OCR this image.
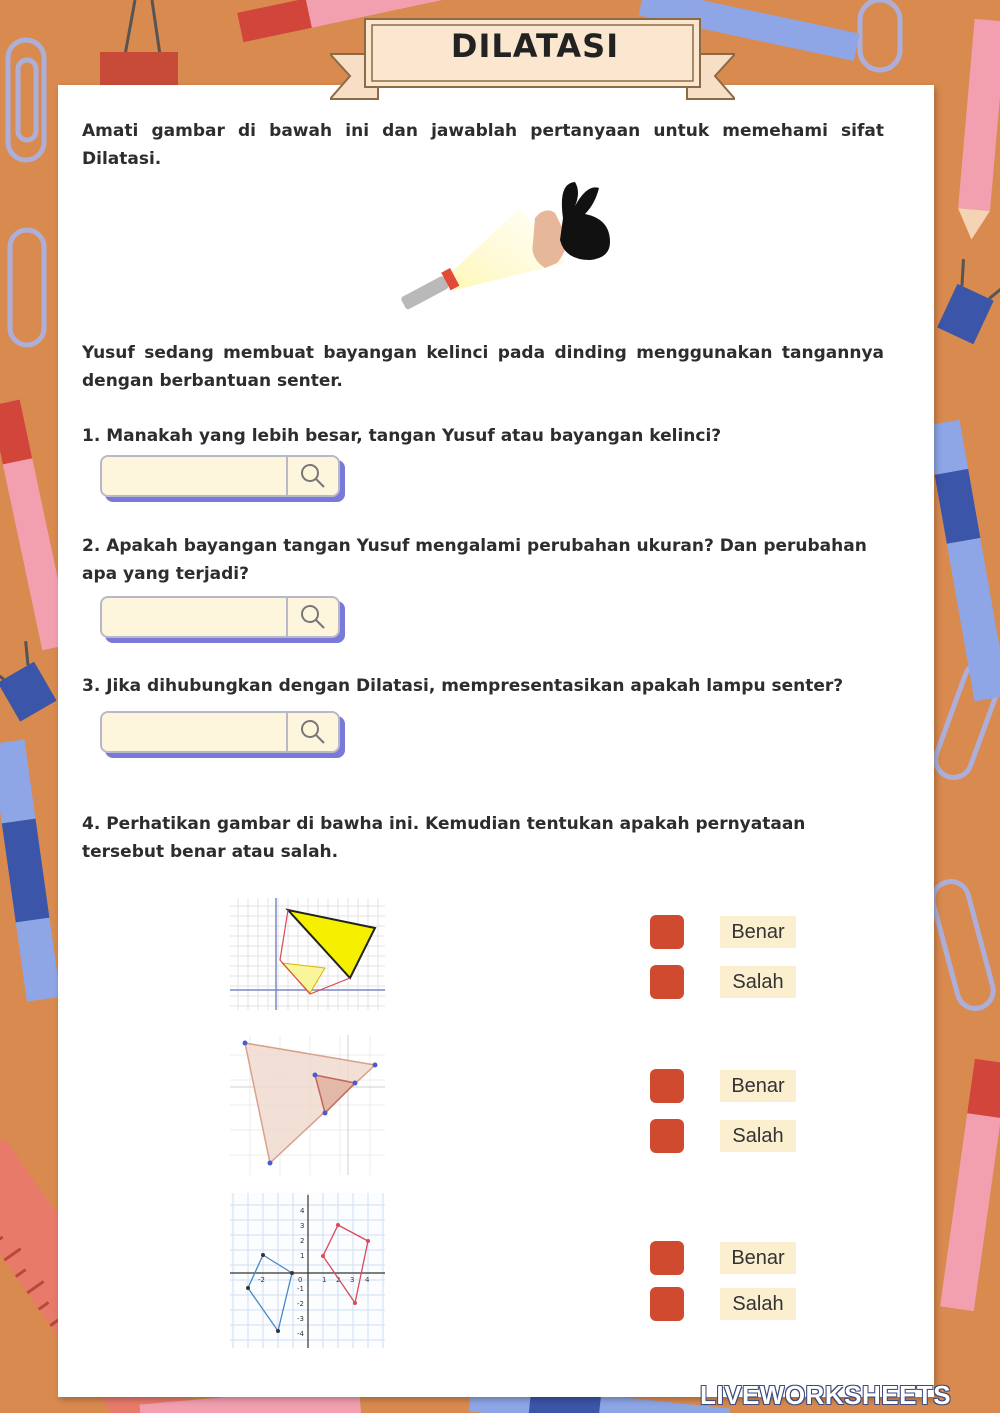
DILATASI
Amati gambar di bawah ini dan jawablah pertanyaan untuk memehami sifat Dilatasi.
Yusuf sedang membuat bayangan kelinci pada dinding menggunakan tangannya dengan berbantuan senter.
1. Manakah yang lebih besar, tangan Yusuf atau bayangan kelinci?
2. Apakah bayangan tangan Yusuf mengalami perubahan ukuran? Dan perubahan apa yang terjadi?
3. Jika dihubungkan dengan Dilatasi, mempresentasikan apakah lampu senter?
4. Perhatikan gambar di bawha ini. Kemudian tentukan apakah pernyataan tersebut benar atau salah.
-2	0	1 2 3 4
4
3
2
1
-1
-2
-3
-4
Benar
Salah
Benar
Salah
Benar
Salah
LIVEWORKSHEETS
